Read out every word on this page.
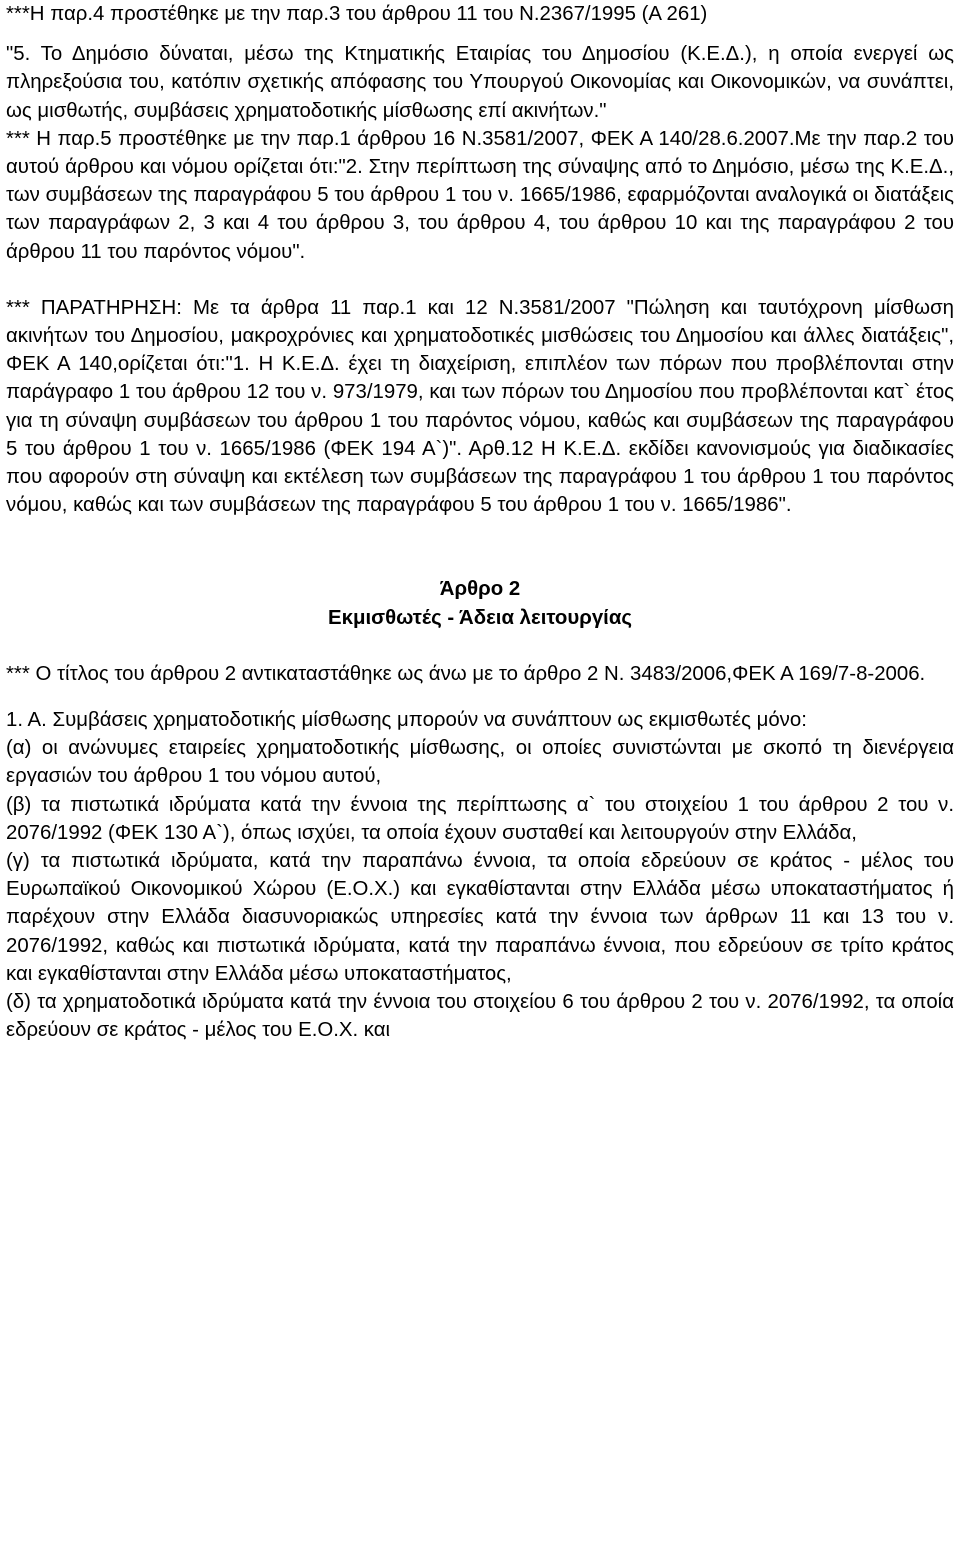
***Η παρ.4 προστέθηκε με την παρ.3 του άρθρου 11 του Ν.2367/1995 (Α 261)

"5. Το Δημόσιο δύναται, μέσω της Κτηματικής Εταιρίας του Δημοσίου (Κ.Ε.Δ.), η οποία ενεργεί ως πληρεξούσια του, κατόπιν σχετικής απόφασης του Υπουργού Οικονομίας και Οικονομικών, να συνάπτει, ως μισθωτής, συμβάσεις χρηματοδοτικής μίσθωσης επί ακινήτων."

*** Η παρ.5 προστέθηκε με την παρ.1 άρθρου 16 Ν.3581/2007, ΦΕΚ Α 140/28.6.2007.Με την παρ.2 του αυτού άρθρου και νόμου ορίζεται ότι:"2. Στην περίπτωση της σύναψης από το Δημόσιο, μέσω της Κ.Ε.Δ., των συμβάσεων της παραγράφου 5 του άρθρου 1 του ν. 1665/1986, εφαρμόζονται αναλογικά οι διατάξεις των παραγράφων 2, 3 και 4 του άρθρου 3, του άρθρου 4, του άρθρου 10 και της παραγράφου 2 του άρθρου 11 του παρόντος νόμου".

*** ΠΑΡΑΤΗΡΗΣΗ: Με τα άρθρα 11 παρ.1 και 12 Ν.3581/2007 "Πώληση και ταυτόχρονη μίσθωση ακινήτων του Δημοσίου, μακροχρόνιες και χρηματοδοτικές μισθώσεις του Δημοσίου και άλλες διατάξεις", ΦΕΚ Α 140,ορίζεται ότι:"1. Η Κ.Ε.Δ. έχει τη διαχείριση, επιπλέον των πόρων που προβλέπονται στην παράγραφο 1 του άρθρου 12 του ν. 973/1979, και των πόρων του Δημοσίου που προβλέπονται κατ` έτος για τη σύναψη συμβάσεων του άρθρου 1 του παρόντος νόμου, καθώς και συμβάσεων της παραγράφου 5 του άρθρου 1 του ν. 1665/1986 (ΦΕΚ 194 Α`)". Αρθ.12 Η Κ.Ε.Δ. εκδίδει κανονισμούς για διαδικασίες που αφορούν στη σύναψη και εκτέλεση των συμβάσεων της παραγράφου 1 του άρθρου 1 του παρόντος νόμου, καθώς και των συμβάσεων της παραγράφου 5 του άρθρου 1 του ν. 1665/1986".

Άρθρο 2

Εκμισθωτές - Άδεια λειτουργίας

*** Ο τίτλος του άρθρου 2 αντικαταστάθηκε ως άνω με το άρθρο 2 Ν. 3483/2006,ΦΕΚ Α 169/7-8-2006.

1. Α. Συμβάσεις χρηματοδοτικής μίσθωσης μπορούν να συνάπτουν ως εκμισθωτές μόνο:

(α) οι ανώνυμες εταιρείες χρηματοδοτικής μίσθωσης, οι οποίες συνιστώνται με σκοπό τη διενέργεια εργασιών του άρθρου 1 του νόμου αυτού,

(β) τα πιστωτικά ιδρύματα κατά την έννοια της περίπτωσης α` του στοιχείου 1 του άρθρου 2 του ν. 2076/1992 (ΦΕΚ 130 Α`), όπως ισχύει, τα οποία έχουν συσταθεί και λειτουργούν στην Ελλάδα,

(γ) τα πιστωτικά ιδρύματα, κατά την παραπάνω έννοια, τα οποία εδρεύουν σε κράτος - μέλος του Ευρωπαϊκού Οικονομικού Χώρου (Ε.Ο.Χ.) και εγκαθίστανται στην Ελλάδα μέσω υποκαταστήματος ή παρέχουν στην Ελλάδα διασυνοριακώς υπηρεσίες κατά την έννοια των άρθρων 11 και 13 του ν. 2076/1992, καθώς και πιστωτικά ιδρύματα, κατά την παραπάνω έννοια, που εδρεύουν σε τρίτο κράτος και εγκαθίστανται στην Ελλάδα μέσω υποκαταστήματος,

(δ) τα χρηματοδοτικά ιδρύματα κατά την έννοια του στοιχείου 6 του άρθρου 2 του ν. 2076/1992, τα οποία εδρεύουν σε κράτος - μέλος του Ε.Ο.Χ. και
